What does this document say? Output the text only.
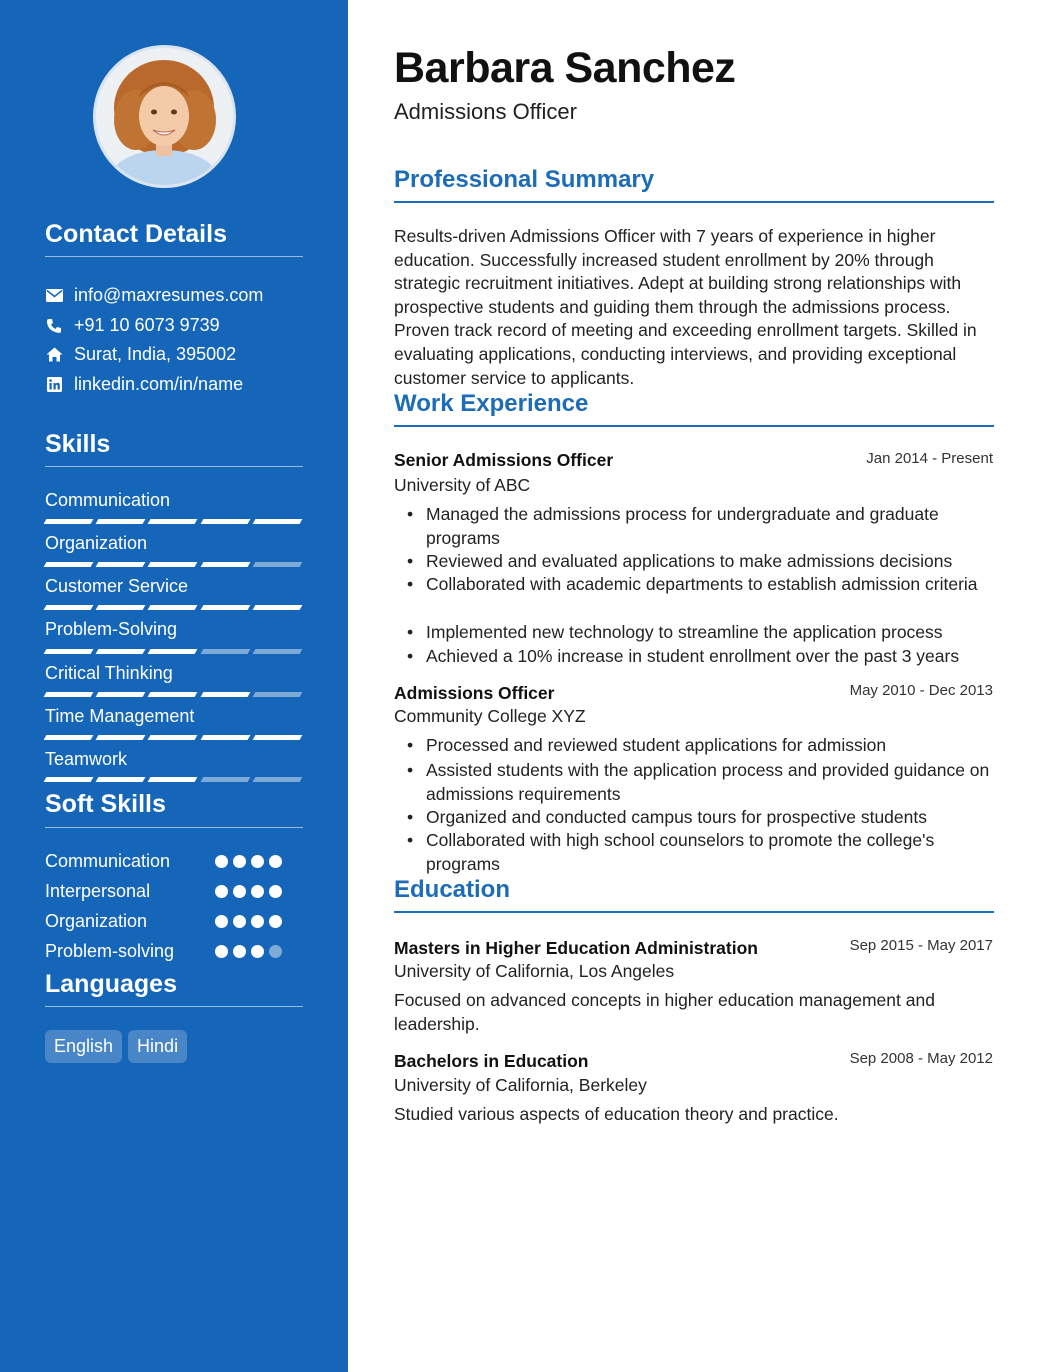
Contact Details
info@maxresumes.com
+91 10 6073 9739
Surat, India, 395002
linkedin.com/in/name
Skills
Communication
Organization
Customer Service
Problem-Solving
Critical Thinking
Time Management
Teamwork
Soft Skills
Communication
Interpersonal
Organization
Problem-solving
Languages
English	Hindi
Barbara Sanchez
Admissions Officer
Professional Summary
Results-driven Admissions Officer with 7 years of experience in higher education. Successfully increased student enrollment by 20% through strategic recruitment initiatives. Adept at building strong relationships with prospective students and guiding them through the admissions process. Proven track record of meeting and exceeding enrollment targets. Skilled in evaluating applications, conducting interviews, and providing exceptional customer service to applicants.
Work Experience
Senior Admissions Officer	Jan 2014 - Present
University of ABC
• Managed the admissions process for undergraduate and graduate programs
• Reviewed and evaluated applications to make admissions decisions
• Collaborated with academic departments to establish admission criteria
• Implemented new technology to streamline the application process
• Achieved a 10% increase in student enrollment over the past 3 years
Admissions Officer	May 2010 - Dec 2013
Community College XYZ
• Processed and reviewed student applications for admission
• Assisted students with the application process and provided guidance on admissions requirements
• Organized and conducted campus tours for prospective students
• Collaborated with high school counselors to promote the college's programs
Education
Masters in Higher Education Administration	Sep 2015 - May 2017
University of California, Los Angeles
Focused on advanced concepts in higher education management and leadership.
Bachelors in Education	Sep 2008 - May 2012
University of California, Berkeley
Studied various aspects of education theory and practice.
